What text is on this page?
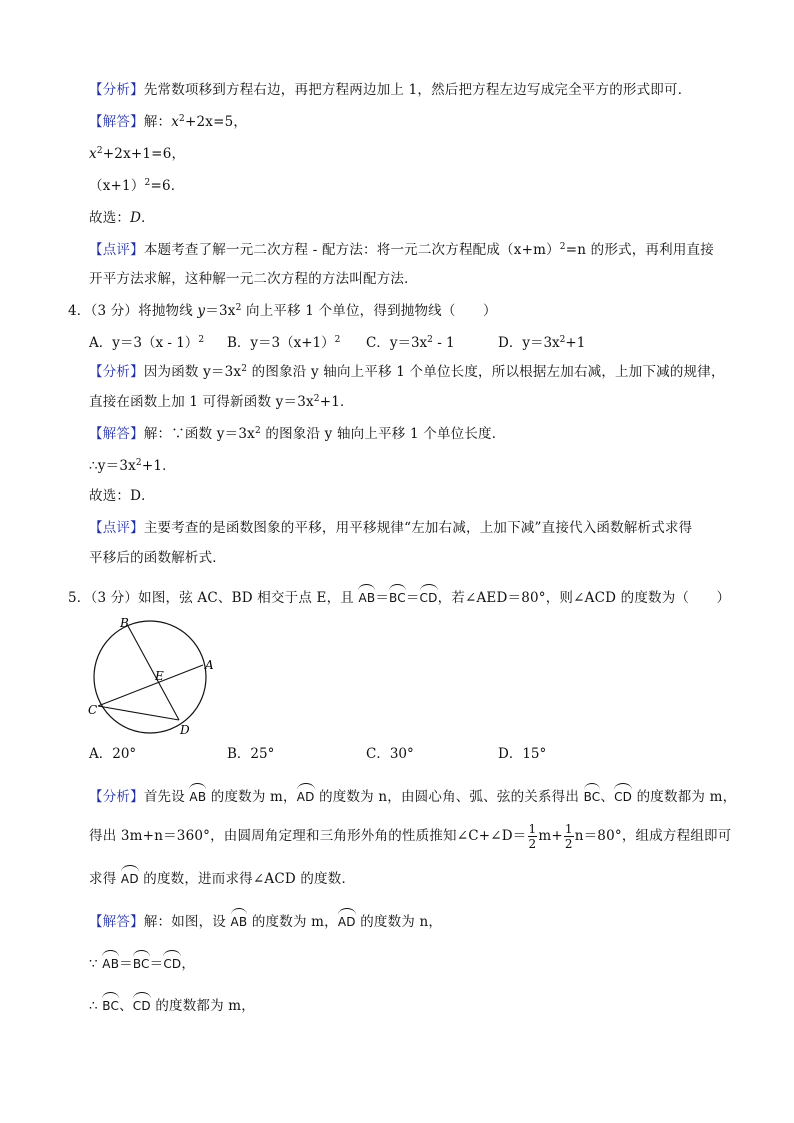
【分析】先常数项移到方程右边，再把方程两边加上 1，然后把方程左边写成完全平方的形式即可．
【解答】解：$x^2+2x=5$，
$x^2+2x+1=6$，
$(x+1)^2=6$．
故选：D．
【点评】本题考查了解一元二次方程 - 配方法：将一元二次方程配成$(x+m)^2=n$ 的形式，再利用直接
开平方法求解，这种解一元二次方程的方法叫配方法．
4．（3 分）将抛物线 $y=3x^2$ 向上平移 1 个单位，得到抛物线（　　）
A．y＝3（x - 1）$^2$ B．$y=3(x+1)^2$ C．$y=3x^2 - 1$	D．$y=3x^2+1$
【分析】因为函数 $y=3x^2$ 的图象沿 y 轴向上平移 1 个单位长度，所以根据左加右减，上加下减的规律，
直接在函数上加 1 可得新函数 $y=3x^2+1$．
【解答】解：∵函数 $y=3x^2$ 的图象沿 y 轴向上平移 1 个单位长度．
$\therefore y=3x^2+1$．
故选：D．
【点评】主要考查的是函数图象的平移，用平移规律“左加右减，上加下减”直接代入函数解析式求得
平移后的函数解析式．
5．（3 分）如图，弦 AC、BD 相交于点 E，且 AB＝BC＝CD，若∠AED＝80°，则∠ACD 的度数为（　　）
B
A
E
C
D
A．20°	B．25°	C．30°	D．15°
【分析】首先设 AB 的度数为 m，AD 的度数为 n，由圆心角、弧、弦的关系得出 BC、CD 的度数都为 m，
得出 3m+n＝360°，由圆周角定理和三角形外角的性质推知∠C+∠D＝ $\frac{1}{2} m+ \frac{1}{2} n=80^\circ$，组成方程组即可
求得 AD 的度数，进而求得∠ACD 的度数．
【解答】解：如图，设 AB 的度数为 m，AD 的度数为 n，
∵ AB＝BC＝CD，
∴ BC、CD 的度数都为 m，
